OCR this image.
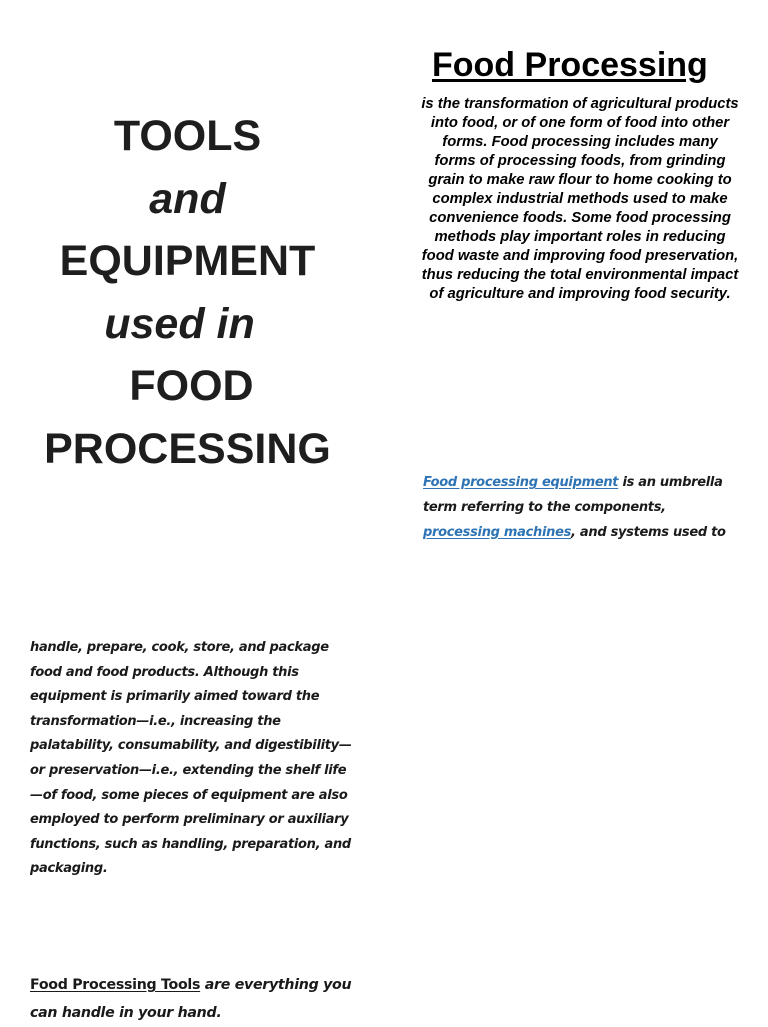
TOOLS
and
EQUIPMENT
used in
FOOD
PROCESSING
Food Processing
is the transformation of agricultural products into food, or of one form of food into other forms. Food processing includes many forms of processing foods, from grinding grain to make raw flour to home cooking to complex industrial methods used to make convenience foods. Some food processing methods play important roles in reducing food waste and improving food preservation, thus reducing the total environmental impact of agriculture and improving food security.
Food processing equipment is an umbrella term referring to the components, processing machines, and systems used to
handle, prepare, cook, store, and package food and food products. Although this equipment is primarily aimed toward the transformation—i.e., increasing the palatability, consumability, and digestibility—or preservation—i.e., extending the shelf life—of food, some pieces of equipment are also employed to perform preliminary or auxiliary functions, such as handling, preparation, and packaging.
Food Processing Tools are everything you can handle in your hand.
